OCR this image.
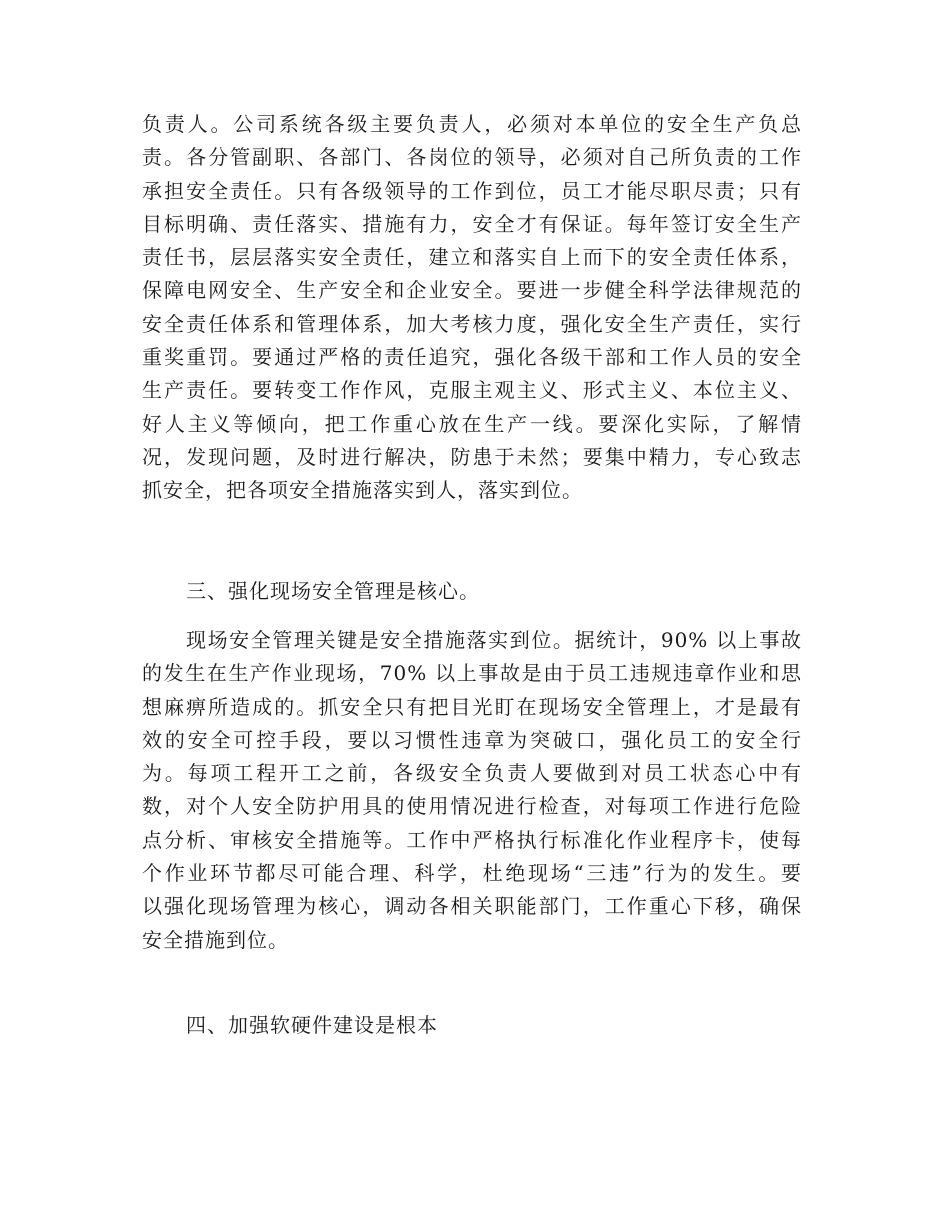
负责人。公司系统各级主要负责人，必须对本单位的安全生产负总
责。各分管副职、各部门、各岗位的领导，必须对自己所负责的工作
承担安全责任。只有各级领导的工作到位，员工才能尽职尽责；只有
目标明确、责任落实、措施有力，安全才有保证。每年签订安全生产
责任书，层层落实安全责任，建立和落实自上而下的安全责任体系，
保障电网安全、生产安全和企业安全。要进一步健全科学法律规范的
安全责任体系和管理体系，加大考核力度，强化安全生产责任，实行
重奖重罚。要通过严格的责任追究，强化各级干部和工作人员的安全
生产责任。要转变工作作风，克服主观主义、形式主义、本位主义、
好人主义等倾向，把工作重心放在生产一线。要深化实际，了解情
况，发现问题，及时进行解决，防患于未然；要集中精力，专心致志
抓安全，把各项安全措施落实到人，落实到位。
三、强化现场安全管理是核心。
现场安全管理关键是安全措施落实到位。据统计，90% 以上事故
的发生在生产作业现场，70% 以上事故是由于员工违规违章作业和思
想麻痹所造成的。抓安全只有把目光盯在现场安全管理上，才是最有
效的安全可控手段，要以习惯性违章为突破口，强化员工的安全行
为。每项工程开工之前，各级安全负责人要做到对员工状态心中有
数，对个人安全防护用具的使用情况进行检查，对每项工作进行危险
点分析、审核安全措施等。工作中严格执行标准化作业程序卡，使每
个作业环节都尽可能合理、科学，杜绝现场“三违”行为的发生。要
以强化现场管理为核心，调动各相关职能部门，工作重心下移，确保
安全措施到位。
四、加强软硬件建设是根本
